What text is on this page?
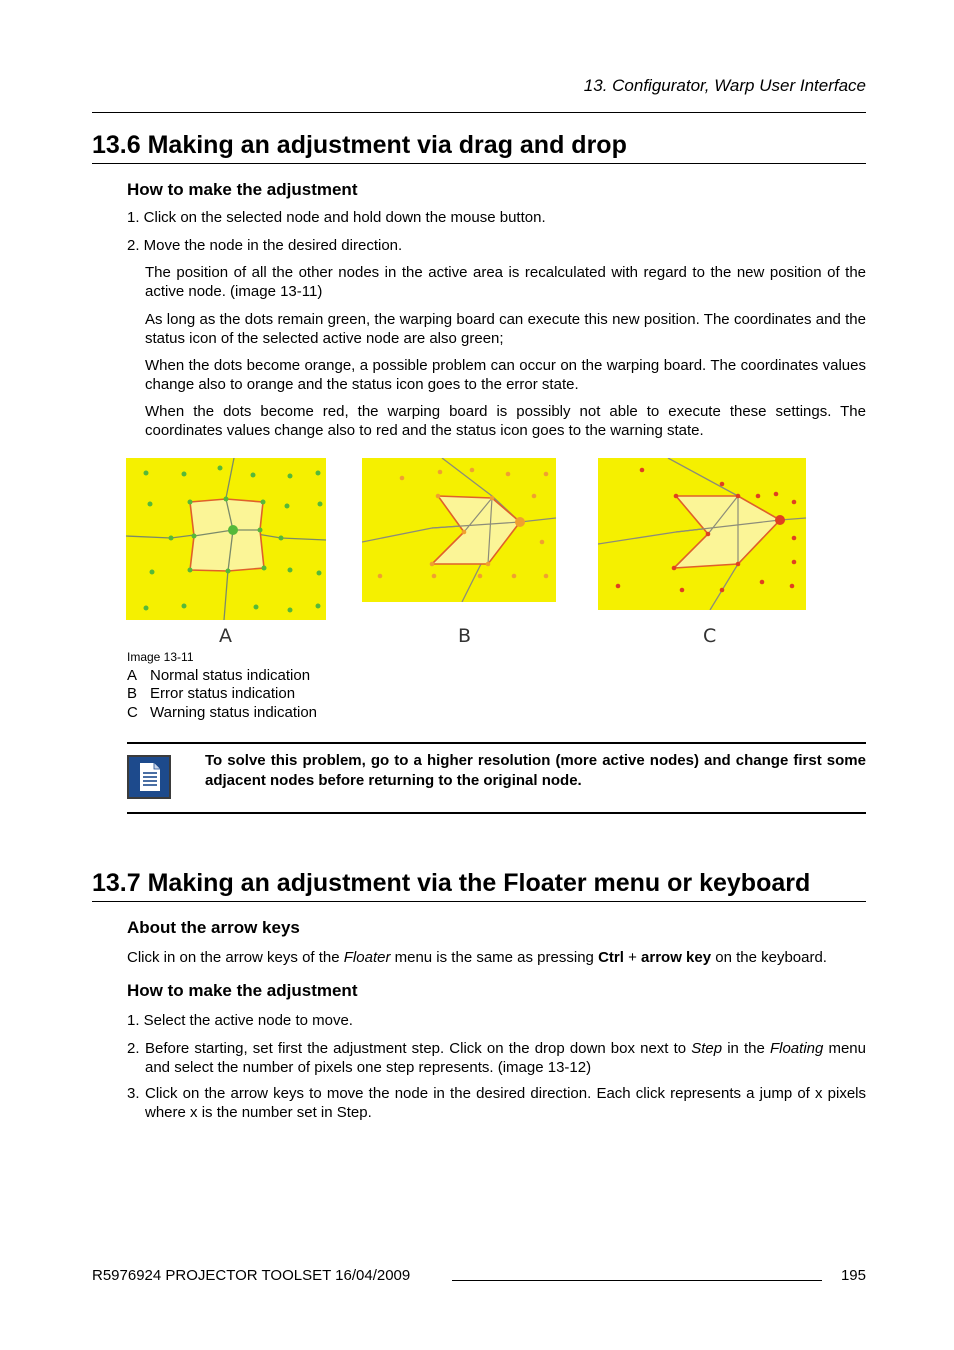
13. Configurator, Warp User Interface
13.6 Making an adjustment via drag and drop
How to make the adjustment
1. Click on the selected node and hold down the mouse button.
2. Move the node in the desired direction.
The position of all the other nodes in the active area is recalculated with regard to the new position of the active node. (image 13-11)
As long as the dots remain green, the warping board can execute this new position. The coordinates and the status icon of the selected active node are also green;
When the dots become orange, a possible problem can occur on the warping board. The coordinates values change also to orange and the status icon goes to the error state.
When the dots become red, the warping board is possibly not able to execute these settings. The coordinates values change also to red and the status icon goes to the warning state.
A	B	C
Image 13-11
A Normal status indication
B Error status indication
C Warning status indication
To solve this problem, go to a higher resolution (more active nodes) and change first some adjacent nodes before returning to the original node.
13.7 Making an adjustment via the Floater menu or keyboard
About the arrow keys
Click in on the arrow keys of the Floater menu is the same as pressing Ctrl + arrow key on the keyboard.
How to make the adjustment
1. Select the active node to move.
2. Before starting, set first the adjustment step. Click on the drop down box next to Step in the Floating menu and select the number of pixels one step represents. (image 13-12)
3. Click on the arrow keys to move the node in the desired direction. Each click represents a jump of x pixels where x is the number set in Step.
R5976924 PROJECTOR TOOLSET 16/04/2009	195
